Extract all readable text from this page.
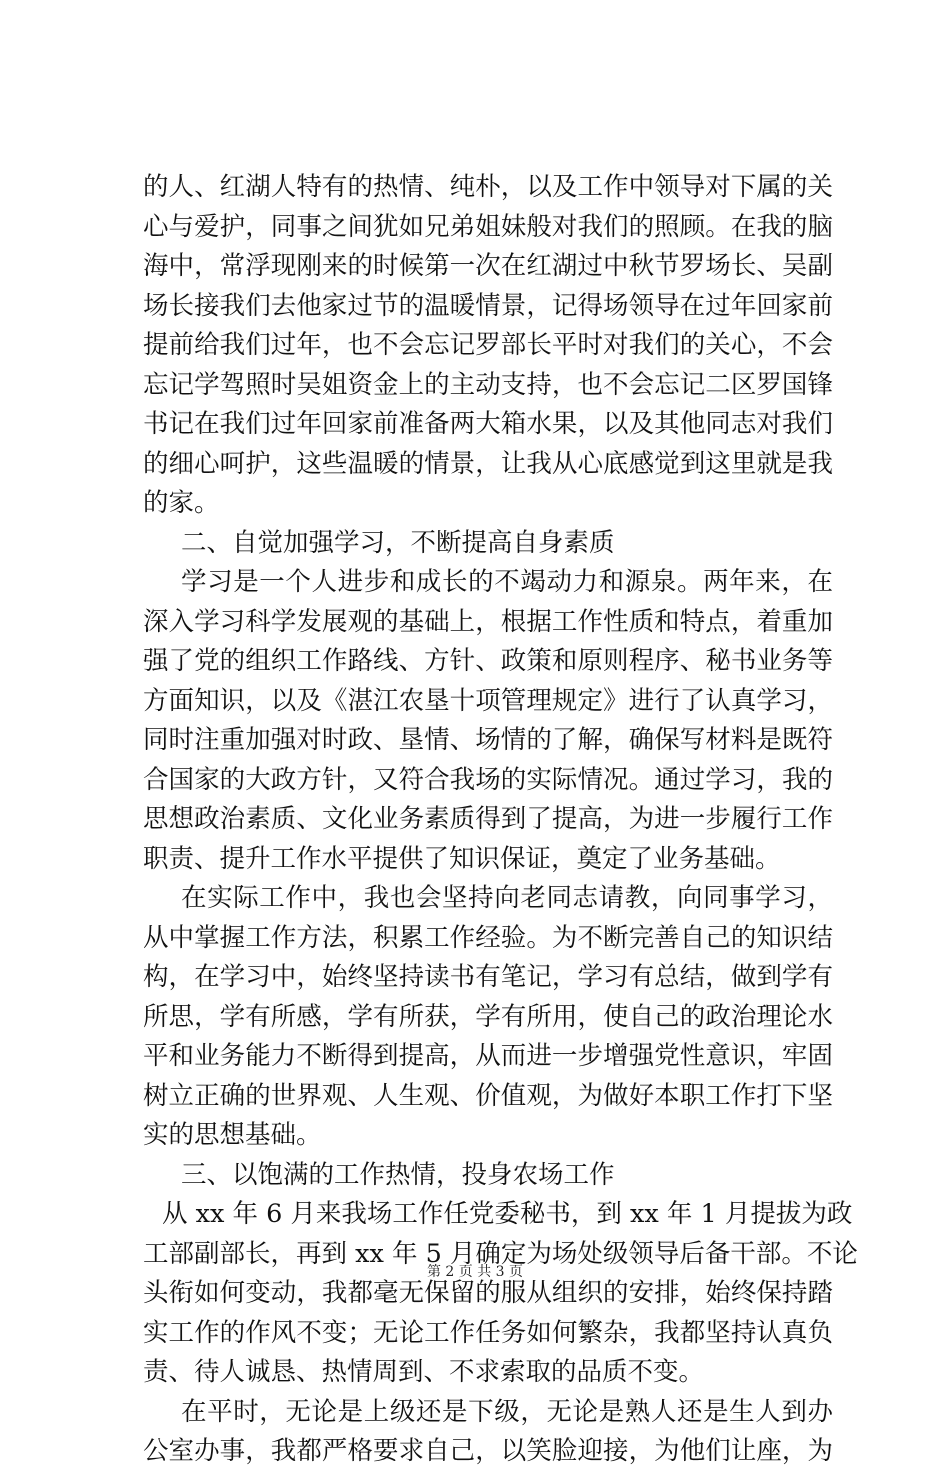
的人、红湖人特有的热情、纯朴，以及工作中领导对下属的关
心与爱护，同事之间犹如兄弟姐妹般对我们的照顾。在我的脑
海中，常浮现刚来的时候第一次在红湖过中秋节罗场长、吴副
场长接我们去他家过节的温暖情景，记得场领导在过年回家前
提前给我们过年，也不会忘记罗部长平时对我们的关心，不会
忘记学驾照时吴姐资金上的主动支持，也不会忘记二区罗国锋
书记在我们过年回家前准备两大箱水果，以及其他同志对我们
的细心呵护，这些温暖的情景，让我从心底感觉到这里就是我
的家。
二、自觉加强学习，不断提高自身素质
学习是一个人进步和成长的不竭动力和源泉。两年来，在
深入学习科学发展观的基础上，根据工作性质和特点，着重加
强了党的组织工作路线、方针、政策和原则程序、秘书业务等
方面知识，以及《湛江农垦十项管理规定》进行了认真学习，
同时注重加强对时政、垦情、场情的了解，确保写材料是既符
合国家的大政方针，又符合我场的实际情况。通过学习，我的
思想政治素质、文化业务素质得到了提高，为进一步履行工作
职责、提升工作水平提供了知识保证，奠定了业务基础。
在实际工作中，我也会坚持向老同志请教，向同事学习，
从中掌握工作方法，积累工作经验。为不断完善自己的知识结
构，在学习中，始终坚持读书有笔记，学习有总结，做到学有
所思，学有所感，学有所获，学有所用，使自己的政治理论水
平和业务能力不断得到提高，从而进一步增强党性意识，牢固
树立正确的世界观、人生观、价值观，为做好本职工作打下坚
实的思想基础。
三、以饱满的工作热情，投身农场工作
从 xx 年 6 月来我场工作任党委秘书，到 xx 年 1 月提拔为政
工部副部长，再到 xx 年 5 月确定为场处级领导后备干部。不论
头衔如何变动，我都毫无保留的服从组织的安排，始终保持踏
实工作的作风不变；无论工作任务如何繁杂，我都坚持认真负
责、待人诚恳、热情周到、不求索取的品质不变。
在平时，无论是上级还是下级，无论是熟人还是生人到办
公室办事，我都严格要求自己，以笑脸迎接，为他们让座，为
第 2 页 共 3 页
